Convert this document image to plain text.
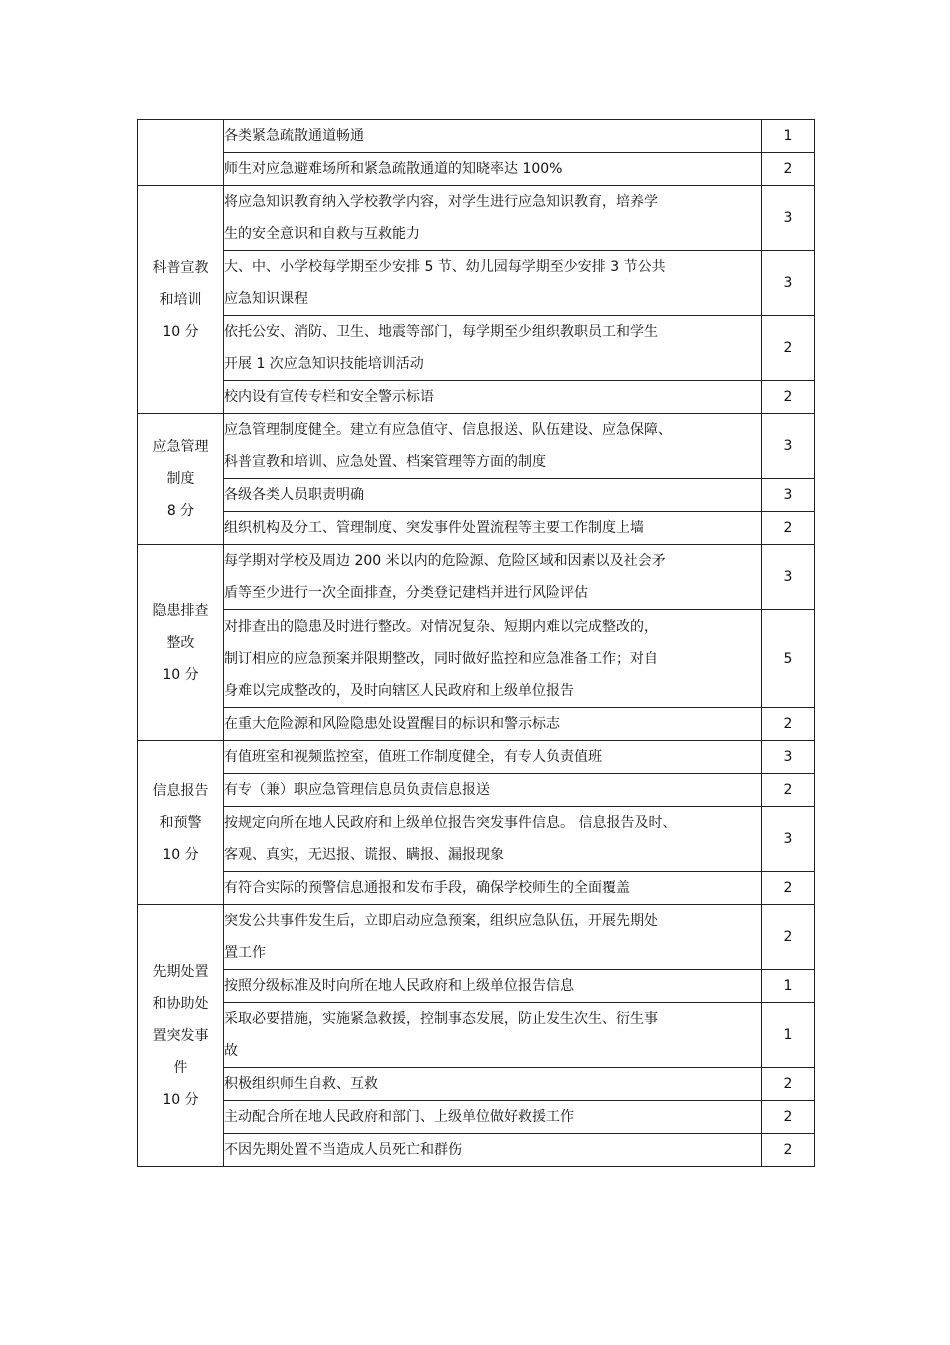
	各类紧急疏散通道畅通	1

	师生对应急避难场所和紧急疏散通道的知晓率达 100%	2

科普宣教
和培训
10 分	将应急知识教育纳入学校教学内容，对学生进行应急知识教育，培养学
生的安全意识和自救与互救能力	3

	大、中、小学校每学期至少安排 5 节、幼儿园每学期至少安排 3 节公共
应急知识课程	3

	依托公安、消防、卫生、地震等部门，每学期至少组织教职员工和学生
开展 1 次应急知识技能培训活动	2

	校内设有宣传专栏和安全警示标语	2

应急管理
制度
8 分	应急管理制度健全。建立有应急值守、信息报送、队伍建设、应急保障、
科普宣教和培训、应急处置、档案管理等方面的制度	3

	各级各类人员职责明确	3

	组织机构及分工、管理制度、突发事件处置流程等主要工作制度上墙	2

隐患排查
整改
10 分	每学期对学校及周边 200 米以内的危险源、危险区域和因素以及社会矛
盾等至少进行一次全面排查，分类登记建档并进行风险评估	3

	对排查出的隐患及时进行整改。对情况复杂、短期内难以完成整改的，
制订相应的应急预案并限期整改，同时做好监控和应急准备工作；对自
身难以完成整改的，及时向辖区人民政府和上级单位报告	5

	在重大危险源和风险隐患处设置醒目的标识和警示标志	2

信息报告
和预警
10 分	有值班室和视频监控室，值班工作制度健全，有专人负责值班	3

	有专（兼）职应急管理信息员负责信息报送	2

	按规定向所在地人民政府和上级单位报告突发事件信息。 信息报告及时、
客观、真实，无迟报、谎报、瞒报、漏报现象	3

	有符合实际的预警信息通报和发布手段，确保学校师生的全面覆盖	2

先期处置
和协助处
置突发事
件
10 分	突发公共事件发生后，立即启动应急预案，组织应急队伍，开展先期处
置工作	2

	按照分级标准及时向所在地人民政府和上级单位报告信息	1

	采取必要措施，实施紧急救援，控制事态发展，防止发生次生、衍生事
故	1

	积极组织师生自救、互救	2

	主动配合所在地人民政府和部门、上级单位做好救援工作	2

	不因先期处置不当造成人员死亡和群伤	2
